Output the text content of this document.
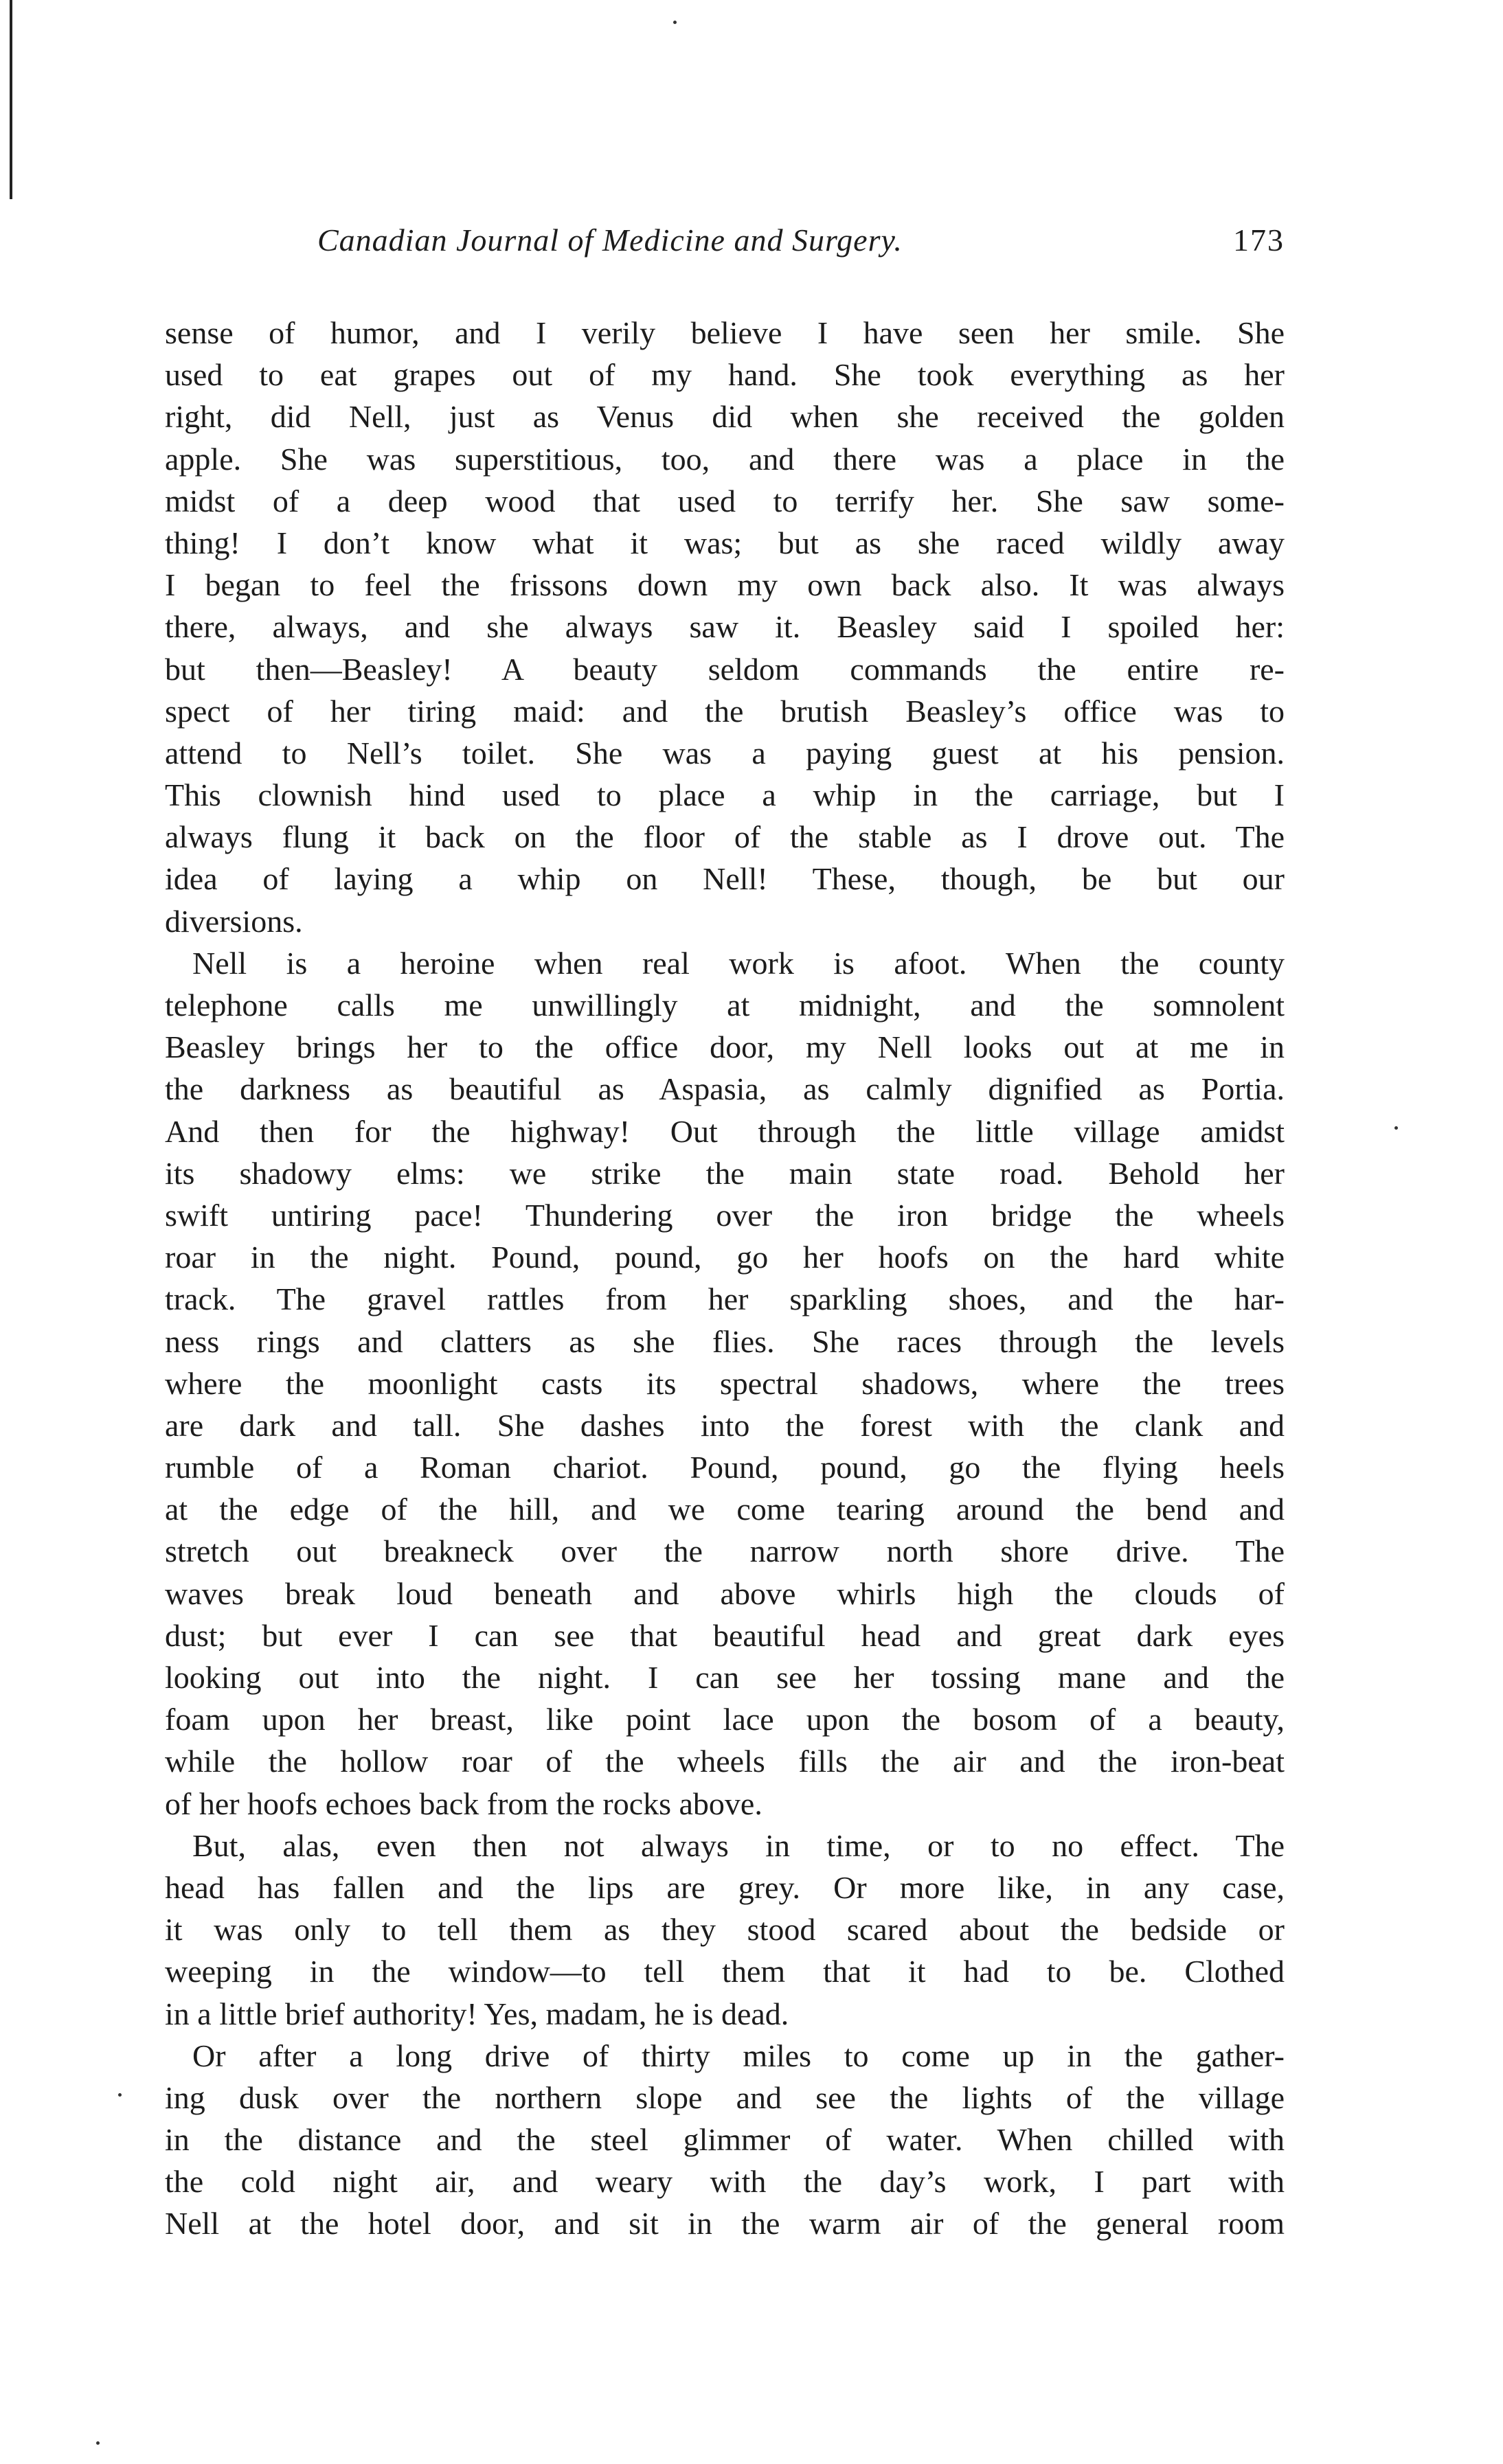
Canadian Journal of Medicine and Surgery.	173
sense of humor, and I verily believe I have seen her smile. She
used to eat grapes out of my hand. She took everything as her
right, did Nell, just as Venus did when she received the golden
apple. She was superstitious, too, and there was a place in the
midst of a deep wood that used to terrify her. She saw some-
thing! I don’t know what it was; but as she raced wildly away
I began to feel the frissons down my own back also. It was always
there, always, and she always saw it. Beasley said I spoiled her:
but then—Beasley! A beauty seldom commands the entire re-
spect of her tiring maid: and the brutish Beasley’s office was to
attend to Nell’s toilet. She was a paying guest at his pension.
This clownish hind used to place a whip in the carriage, but I
always flung it back on the floor of the stable as I drove out. The
idea of laying a whip on Nell! These, though, be but our
diversions.
Nell is a heroine when real work is afoot. When the county
telephone calls me unwillingly at midnight, and the somnolent
Beasley brings her to the office door, my Nell looks out at me in
the darkness as beautiful as Aspasia, as calmly dignified as Portia.
And then for the highway! Out through the little village amidst
its shadowy elms: we strike the main state road. Behold her
swift untiring pace! Thundering over the iron bridge the wheels
roar in the night. Pound, pound, go her hoofs on the hard white
track. The gravel rattles from her sparkling shoes, and the har-
ness rings and clatters as she flies. She races through the levels
where the moonlight casts its spectral shadows, where the trees
are dark and tall. She dashes into the forest with the clank and
rumble of a Roman chariot. Pound, pound, go the flying heels
at the edge of the hill, and we come tearing around the bend and
stretch out breakneck over the narrow north shore drive. The
waves break loud beneath and above whirls high the clouds of
dust; but ever I can see that beautiful head and great dark eyes
looking out into the night. I can see her tossing mane and the
foam upon her breast, like point lace upon the bosom of a beauty,
while the hollow roar of the wheels fills the air and the iron-beat
of her hoofs echoes back from the rocks above.
But, alas, even then not always in time, or to no effect. The
head has fallen and the lips are grey. Or more like, in any case,
it was only to tell them as they stood scared about the bedside or
weeping in the window—to tell them that it had to be. Clothed
in a little brief authority! Yes, madam, he is dead.
Or after a long drive of thirty miles to come up in the gather-
ing dusk over the northern slope and see the lights of the village
in the distance and the steel glimmer of water. When chilled with
the cold night air, and weary with the day’s work, I part with
Nell at the hotel door, and sit in the warm air of the general room
